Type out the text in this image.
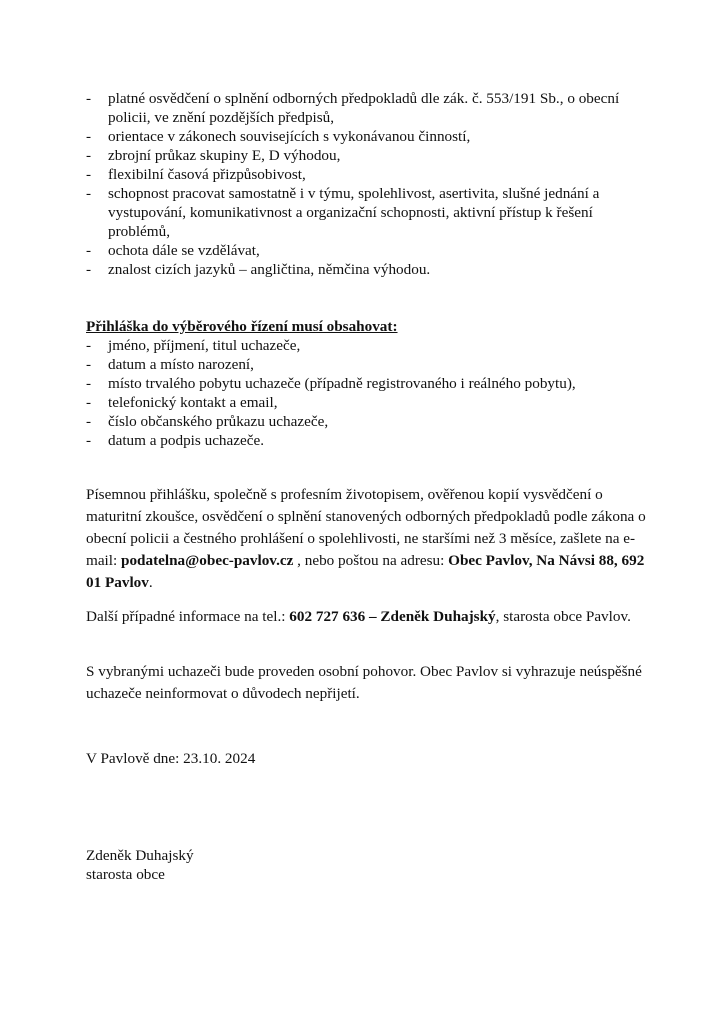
- platné osvědčení o splnění odborných předpokladů dle zák. č. 553/191 Sb., o obecní policii, ve znění pozdějších předpisů,
- orientace v zákonech souvisejících s vykonávanou činností,
- zbrojní průkaz skupiny E, D výhodou,
- flexibilní časová přizpůsobivost,
- schopnost pracovat samostatně i v týmu, spolehlivost, asertivita, slušné jednání a vystupování, komunikativnost a organizační schopnosti, aktivní přístup k řešení problémů,
- ochota dále se vzdělávat,
- znalost cizích jazyků – angličtina, němčina výhodou.
Přihláška do výběrového řízení musí obsahovat:
- jméno, příjmení, titul uchazeče,
- datum a místo narození,
- místo trvalého pobytu uchazeče (případně registrovaného i reálného pobytu),
- telefonický kontakt a email,
- číslo občanského průkazu uchazeče,
- datum a podpis uchazeče.
Písemnou přihlášku, společně s profesním životopisem, ověřenou kopií vysvědčení o maturitní zkoušce, osvědčení o splnění stanovených odborných předpokladů podle zákona o obecní policii a čestného prohlášení o spolehlivosti, ne staršími než 3 měsíce, zašlete na e-mail: podatelna@obec-pavlov.cz , nebo poštou na adresu: Obec Pavlov, Na Návsi 88, 692 01 Pavlov.
Další případné informace na tel.: 602 727 636 – Zdeněk Duhajský, starosta obce Pavlov.
S vybranými uchazeči bude proveden osobní pohovor. Obec Pavlov si vyhrazuje neúspěšné uchazeče neinformovat o důvodech nepřijetí.
V Pavlově dne: 23.10. 2024
Zdeněk Duhajský
starosta obce
